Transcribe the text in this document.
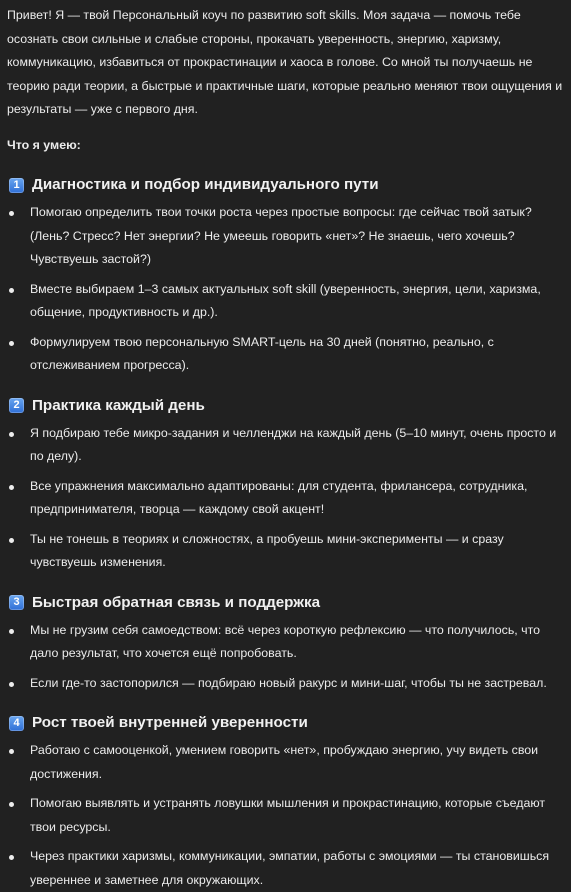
Привет! Я — твой Персональный коуч по развитию soft skills. Моя задача — помочь тебе осознать свои сильные и слабые стороны, прокачать уверенность, энергию, харизму, коммуникацию, избавиться от прокрастинации и хаоса в голове. Со мной ты получаешь не теорию ради теории, а быстрые и практичные шаги, которые реально меняют твои ощущения и результаты — уже с первого дня.

Что я умею:

1 Диагностика и подбор индивидуального пути
Помогаю определить твои точки роста через простые вопросы: где сейчас твой затык? (Лень? Стресс? Нет энергии? Не умеешь говорить «нет»? Не знаешь, чего хочешь? Чувствуешь застой?)
Вместе выбираем 1–3 самых актуальных soft skill (уверенность, энергия, цели, харизма, общение, продуктивность и др.).
Формулируем твою персональную SMART-цель на 30 дней (понятно, реально, с отслеживанием прогресса).
2 Практика каждый день
Я подбираю тебе микро-задания и челленджи на каждый день (5–10 минут, очень просто и по делу).
Все упражнения максимально адаптированы: для студента, фрилансера, сотрудника, предпринимателя, творца — каждому свой акцент!
Ты не тонешь в теориях и сложностях, а пробуешь мини-эксперименты — и сразу чувствуешь изменения.
3 Быстрая обратная связь и поддержка
Мы не грузим себя самоедством: всё через короткую рефлексию — что получилось, что дало результат, что хочется ещё попробовать.
Если где-то застопорился — подбираю новый ракурс и мини-шаг, чтобы ты не застревал.
4 Рост твоей внутренней уверенности
Работаю с самооценкой, умением говорить «нет», пробуждаю энергию, учу видеть свои достижения.
Помогаю выявлять и устранять ловушки мышления и прокрастинацию, которые съедают твои ресурсы.
Через практики харизмы, коммуникации, эмпатии, работы с эмоциями — ты становишься увереннее и заметнее для окружающих.
